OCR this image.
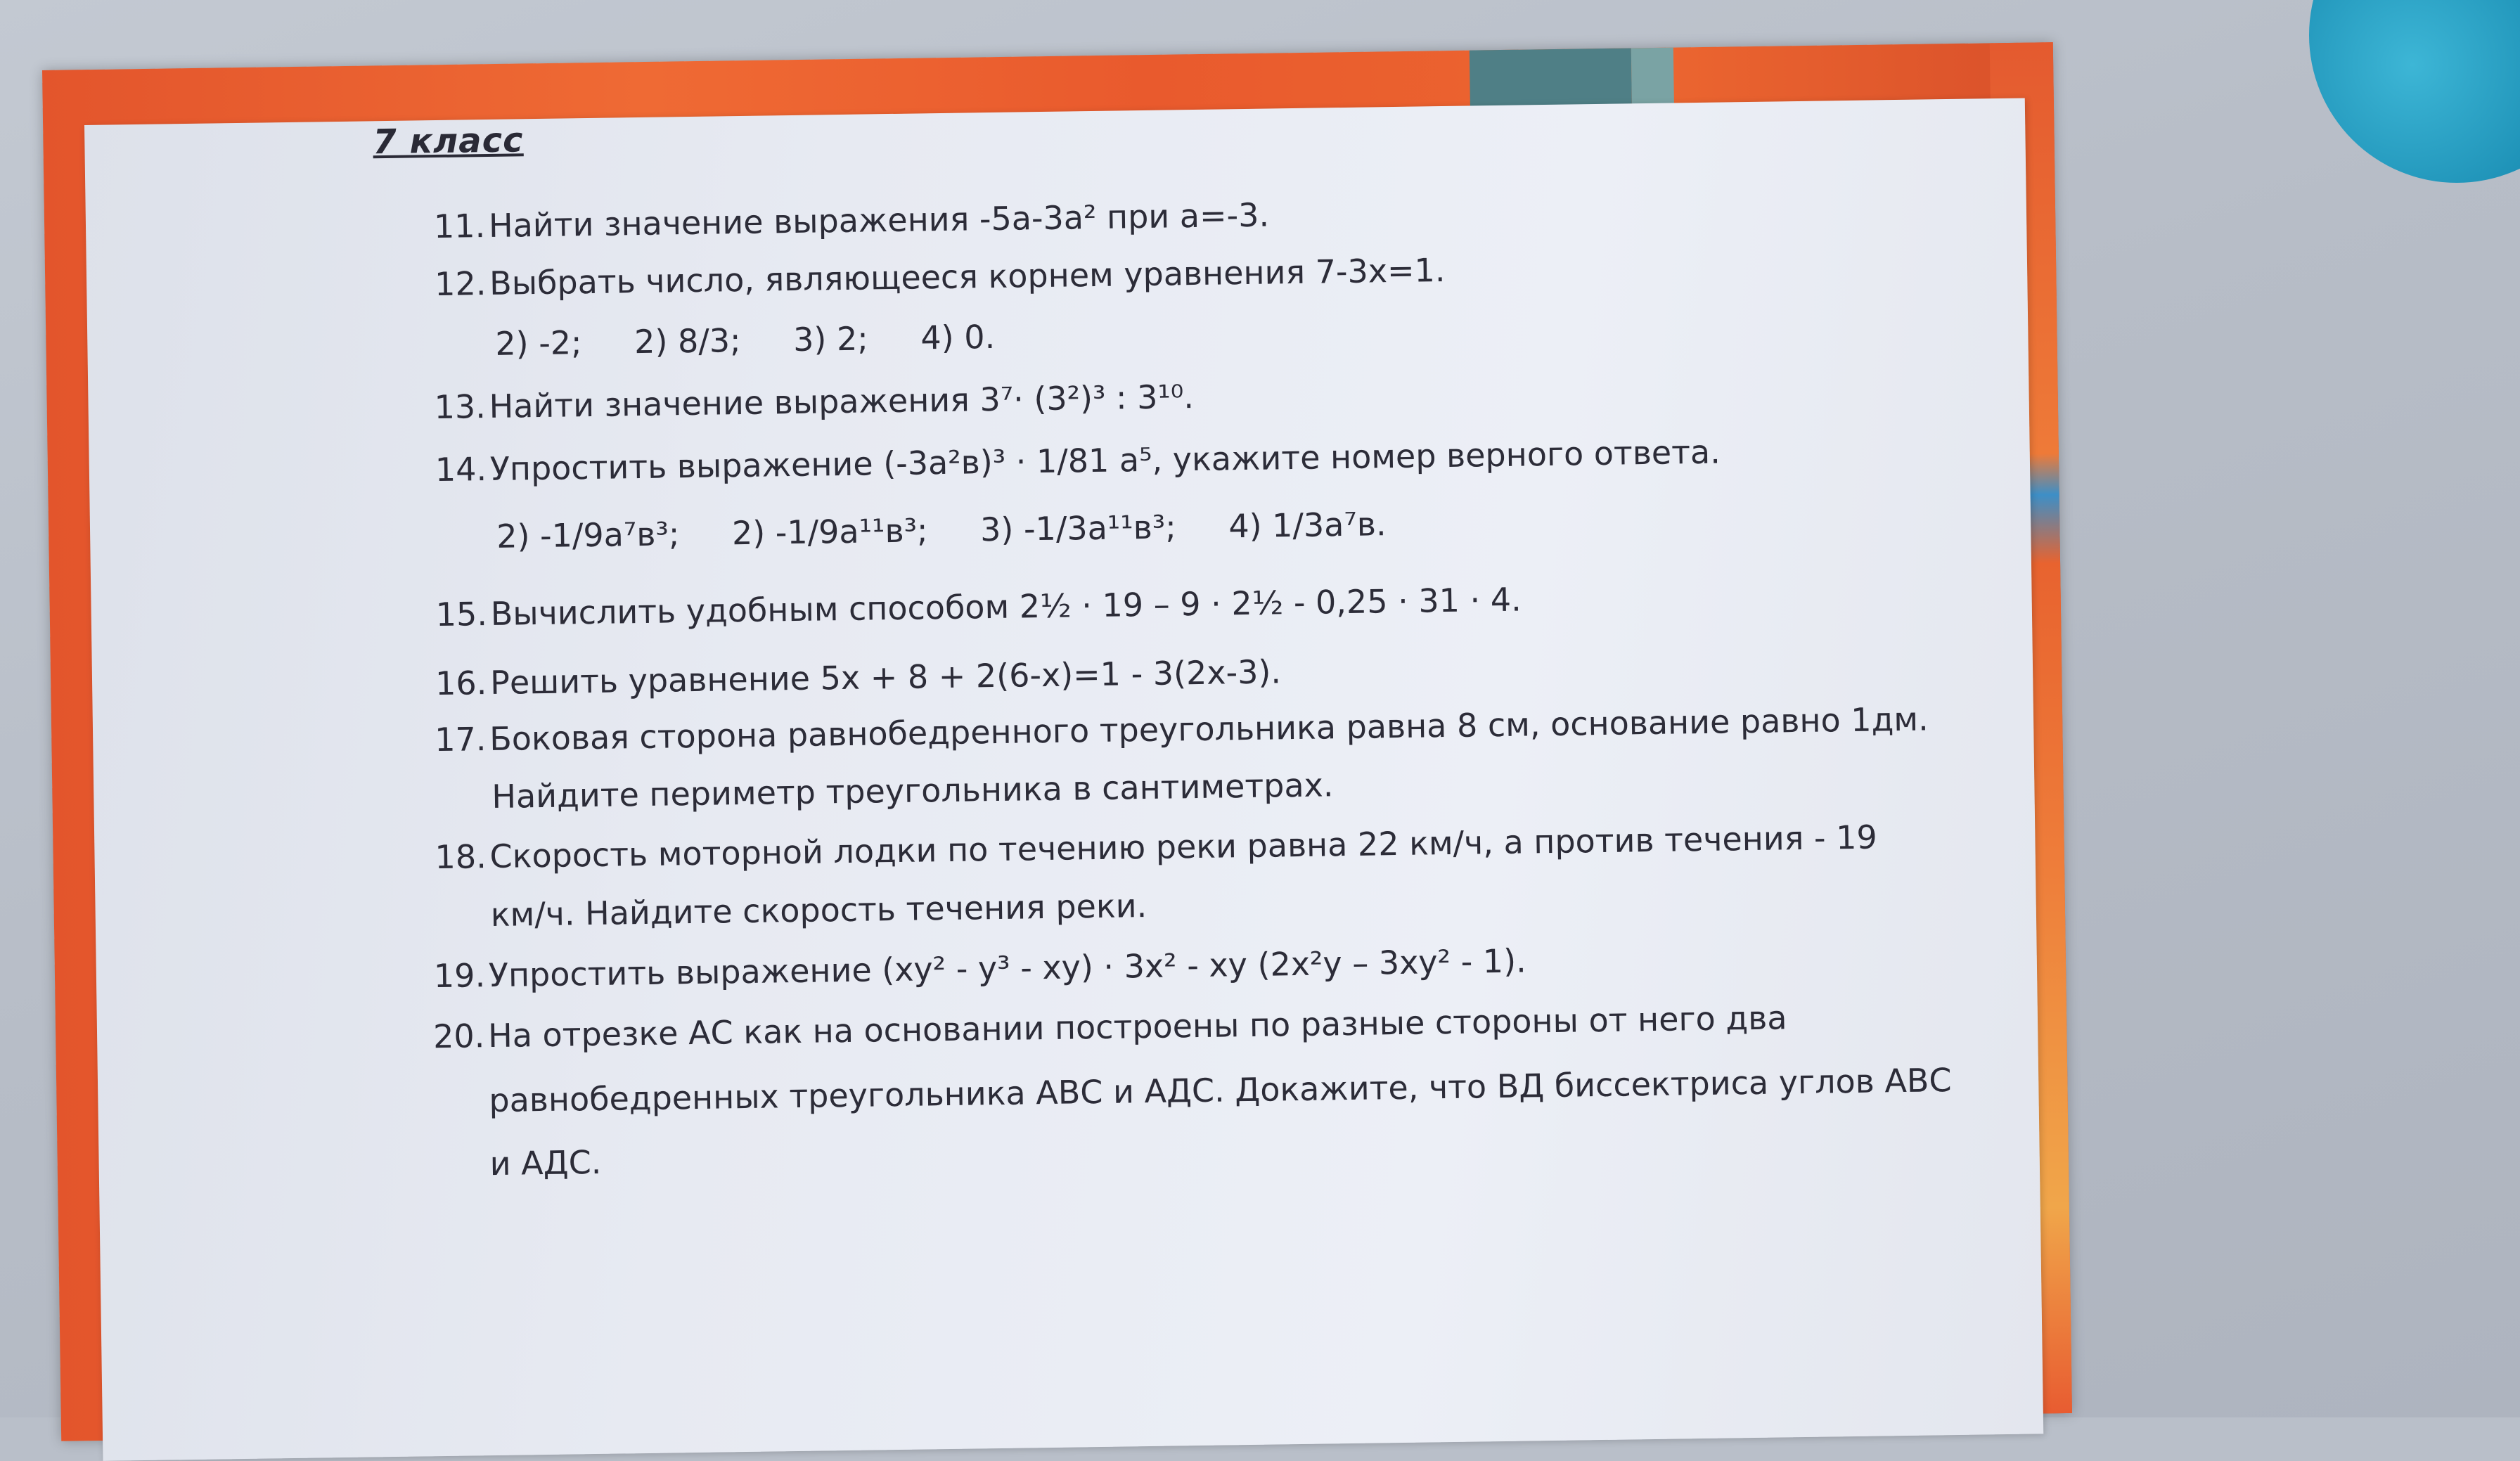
7 класс
11.Найти значение выражения -5а-3а² при а=-3.
12.Выбрать число, являющееся корнем уравнения 7-3х=1.
2) -2; 2) 8/3; 3) 2; 4) 0.
13.Найти значение выражения 3⁷· (3²)³ : 3¹⁰.
14.Упростить выражение (-3а²в)³ · 1/81 а⁵, укажите номер верного ответа.
2) -1/9а⁷в³; 2) -1/9а¹¹в³; 3) -1/3а¹¹в³; 4) 1/3а⁷в.
15.Вычислить удобным способом 2½ · 19 – 9 · 2½ - 0,25 · 31 · 4.
16.Решить уравнение 5х + 8 + 2(6-х)=1 - 3(2х-3).
17.Боковая сторона равнобедренного треугольника равна 8 см, основание равно 1дм.
Найдите периметр треугольника в сантиметрах.
18.Скорость моторной лодки по течению реки равна 22 км/ч, а против течения - 19
км/ч. Найдите скорость течения реки.
19.Упростить выражение (ху² - у³ - ху) · 3х² - ху (2х²у – 3ху² - 1).
20.На отрезке АС как на основании построены по разные стороны от него два
равнобедренных треугольника АВС и АДС. Докажите, что ВД биссектриса углов АВС
и АДС.
